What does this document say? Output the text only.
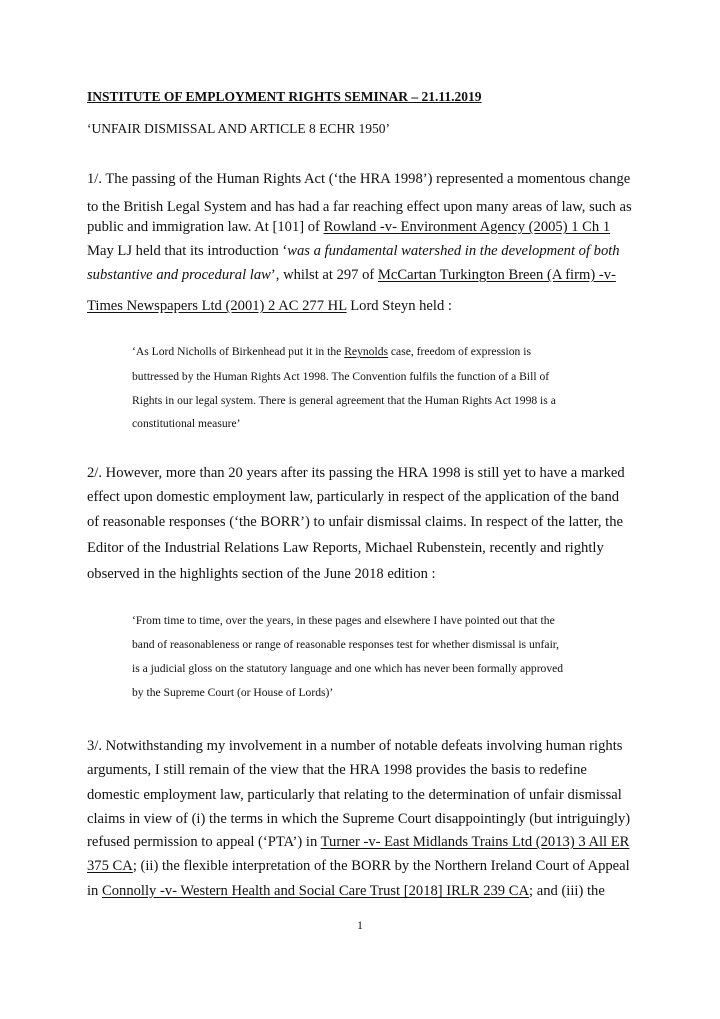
INSTITUTE OF EMPLOYMENT RIGHTS SEMINAR – 21.11.2019
‘UNFAIR DISMISSAL AND ARTICLE 8 ECHR 1950’
1/. The passing of the Human Rights Act (‘the HRA 1998’) represented a momentous change
to the British Legal System and has had a far reaching effect upon many areas of law, such as
public and immigration law. At [101] of Rowland -v- Environment Agency (2005) 1 Ch 1
May LJ held that its introduction ‘was a fundamental watershed in the development of both
substantive and procedural law’, whilst at 297 of McCartan Turkington Breen (A firm) -v-
Times Newspapers Ltd (2001) 2 AC 277 HL Lord Steyn held :
‘As Lord Nicholls of Birkenhead put it in the Reynolds case, freedom of expression is
buttressed by the Human Rights Act 1998. The Convention fulfils the function of a Bill of
Rights in our legal system. There is general agreement that the Human Rights Act 1998 is a
constitutional measure’
2/. However, more than 20 years after its passing the HRA 1998 is still yet to have a marked
effect upon domestic employment law, particularly in respect of the application of the band
of reasonable responses (‘the BORR’) to unfair dismissal claims. In respect of the latter, the
Editor of the Industrial Relations Law Reports, Michael Rubenstein, recently and rightly
observed in the highlights section of the June 2018 edition :
‘From time to time, over the years, in these pages and elsewhere I have pointed out that the
band of reasonableness or range of reasonable responses test for whether dismissal is unfair,
is a judicial gloss on the statutory language and one which has never been formally approved
by the Supreme Court (or House of Lords)’
3/. Notwithstanding my involvement in a number of notable defeats involving human rights
arguments, I still remain of the view that the HRA 1998 provides the basis to redefine
domestic employment law, particularly that relating to the determination of unfair dismissal
claims in view of (i) the terms in which the Supreme Court disappointingly (but intriguingly)
refused permission to appeal (‘PTA’) in Turner -v- East Midlands Trains Ltd (2013) 3 All ER
375 CA; (ii) the flexible interpretation of the BORR by the Northern Ireland Court of Appeal
in Connolly -v- Western Health and Social Care Trust [2018] IRLR 239 CA; and (iii) the
1
